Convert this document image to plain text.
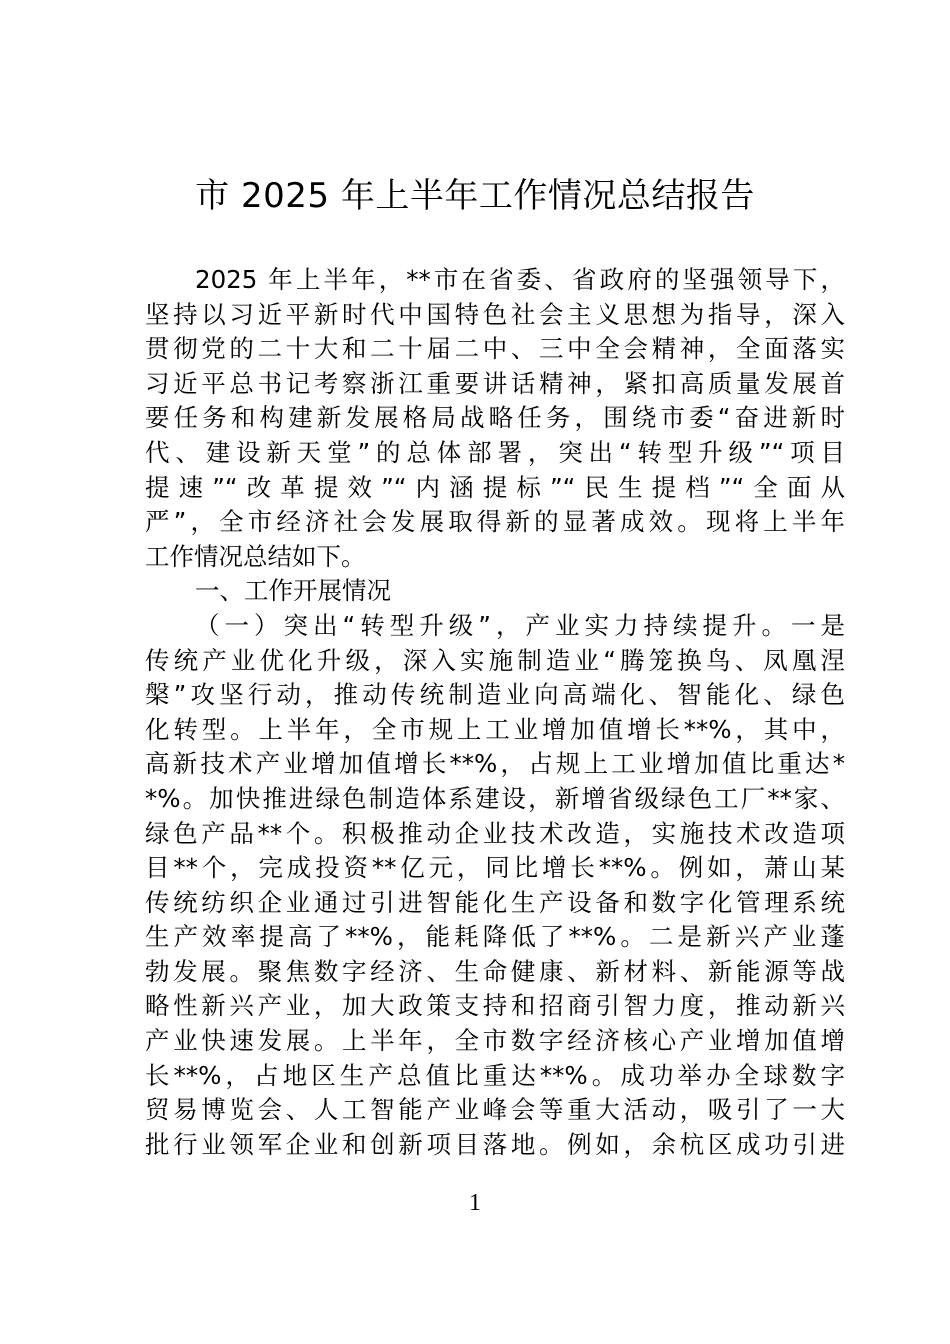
市 2025 年上半年工作情况总结报告
2025 年上半年，**市在省委、省政府的坚强领导下，
坚持以习近平新时代中国特色社会主义思想为指导，深入
贯彻党的二十大和二十届二中、三中全会精神，全面落实
习近平总书记考察浙江重要讲话精神，紧扣高质量发展首
要任务和构建新发展格局战略任务，围绕市委“奋进新时
代、建设新天堂”的总体部署，突出“转型升级”“项目
提速”“改革提效”“内涵提标”“民生提档”“全面从
严”，全市经济社会发展取得新的显著成效。现将上半年
工作情况总结如下。
一、工作开展情况
（一）突出“转型升级”，产业实力持续提升。一是
传统产业优化升级，深入实施制造业“腾笼换鸟、凤凰涅
槃”攻坚行动，推动传统制造业向高端化、智能化、绿色
化转型。上半年，全市规上工业增加值增长**%，其中，
高新技术产业增加值增长**%，占规上工业增加值比重达*
*%。加快推进绿色制造体系建设，新增省级绿色工厂**家、
绿色产品**个。积极推动企业技术改造，实施技术改造项
目**个，完成投资**亿元，同比增长**%。例如，萧山某
传统纺织企业通过引进智能化生产设备和数字化管理系统
生产效率提高了**%，能耗降低了**%。二是新兴产业蓬
勃发展。聚焦数字经济、生命健康、新材料、新能源等战
略性新兴产业，加大政策支持和招商引智力度，推动新兴
产业快速发展。上半年，全市数字经济核心产业增加值增
长**%，占地区生产总值比重达**%。成功举办全球数字
贸易博览会、人工智能产业峰会等重大活动，吸引了一大
批行业领军企业和创新项目落地。例如，余杭区成功引进
1
